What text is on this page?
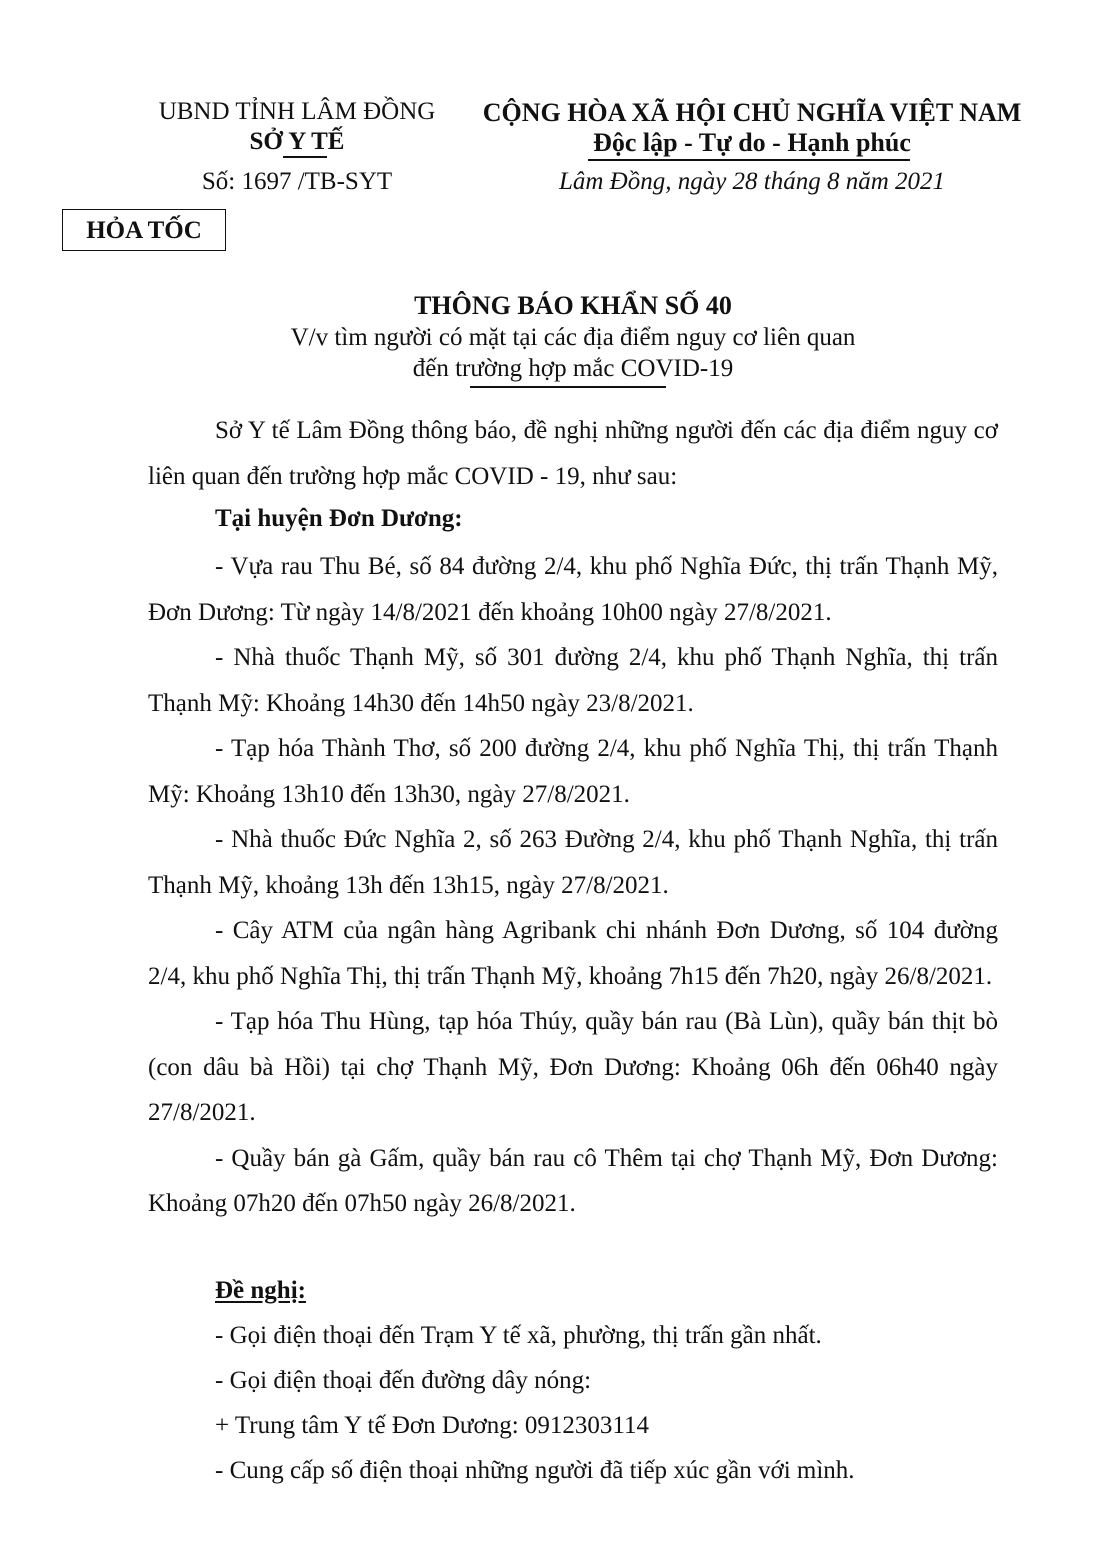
UBND TỈNH LÂM ĐỒNG
SỞ Y TẾ
Số: 1697 /TB-SYT
CỘNG HÒA XÃ HỘI CHỦ NGHĨA VIỆT NAM
Độc lập - Tự do - Hạnh phúc
Lâm Đồng, ngày 28 tháng 8 năm 2021
HỎA TỐC
THÔNG BÁO KHẨN SỐ 40
V/v tìm người có mặt tại các địa điểm nguy cơ liên quan
đến trường hợp mắc COVID-19

Sở Y tế Lâm Đồng thông báo, đề nghị những người đến các địa điểm nguy cơ liên quan đến trường hợp mắc COVID - 19, như sau:

Tại huyện Đơn Dương:

- Vựa rau Thu Bé, số 84 đường 2/4, khu phố Nghĩa Đức, thị trấn Thạnh Mỹ, Đơn Dương: Từ ngày 14/8/2021 đến khoảng 10h00 ngày 27/8/2021.

- Nhà thuốc Thạnh Mỹ, số 301 đường 2/4, khu phố Thạnh Nghĩa, thị trấn Thạnh Mỹ: Khoảng 14h30 đến 14h50 ngày 23/8/2021.

- Tạp hóa Thành Thơ, số 200 đường 2/4, khu phố Nghĩa Thị, thị trấn Thạnh Mỹ: Khoảng 13h10 đến 13h30, ngày 27/8/2021.

- Nhà thuốc Đức Nghĩa 2, số 263 Đường 2/4, khu phố Thạnh Nghĩa, thị trấn Thạnh Mỹ, khoảng 13h đến 13h15, ngày 27/8/2021.

- Cây ATM của ngân hàng Agribank chi nhánh Đơn Dương, số 104 đường 2/4, khu phố Nghĩa Thị, thị trấn Thạnh Mỹ, khoảng 7h15 đến 7h20, ngày 26/8/2021.

- Tạp hóa Thu Hùng, tạp hóa Thúy, quầy bán rau (Bà Lùn), quầy bán thịt bò (con dâu bà Hồi) tại chợ Thạnh Mỹ, Đơn Dương: Khoảng 06h đến 06h40 ngày 27/8/2021.

- Quầy bán gà Gấm, quầy bán rau cô Thêm tại chợ Thạnh Mỹ, Đơn Dương: Khoảng 07h20 đến 07h50 ngày 26/8/2021.

Đề nghị:
- Gọi điện thoại đến Trạm Y tế xã, phường, thị trấn gần nhất.
- Gọi điện thoại đến đường dây nóng:
+ Trung tâm Y tế Đơn Dương: 0912303114
- Cung cấp số điện thoại những người đã tiếp xúc gần với mình.
